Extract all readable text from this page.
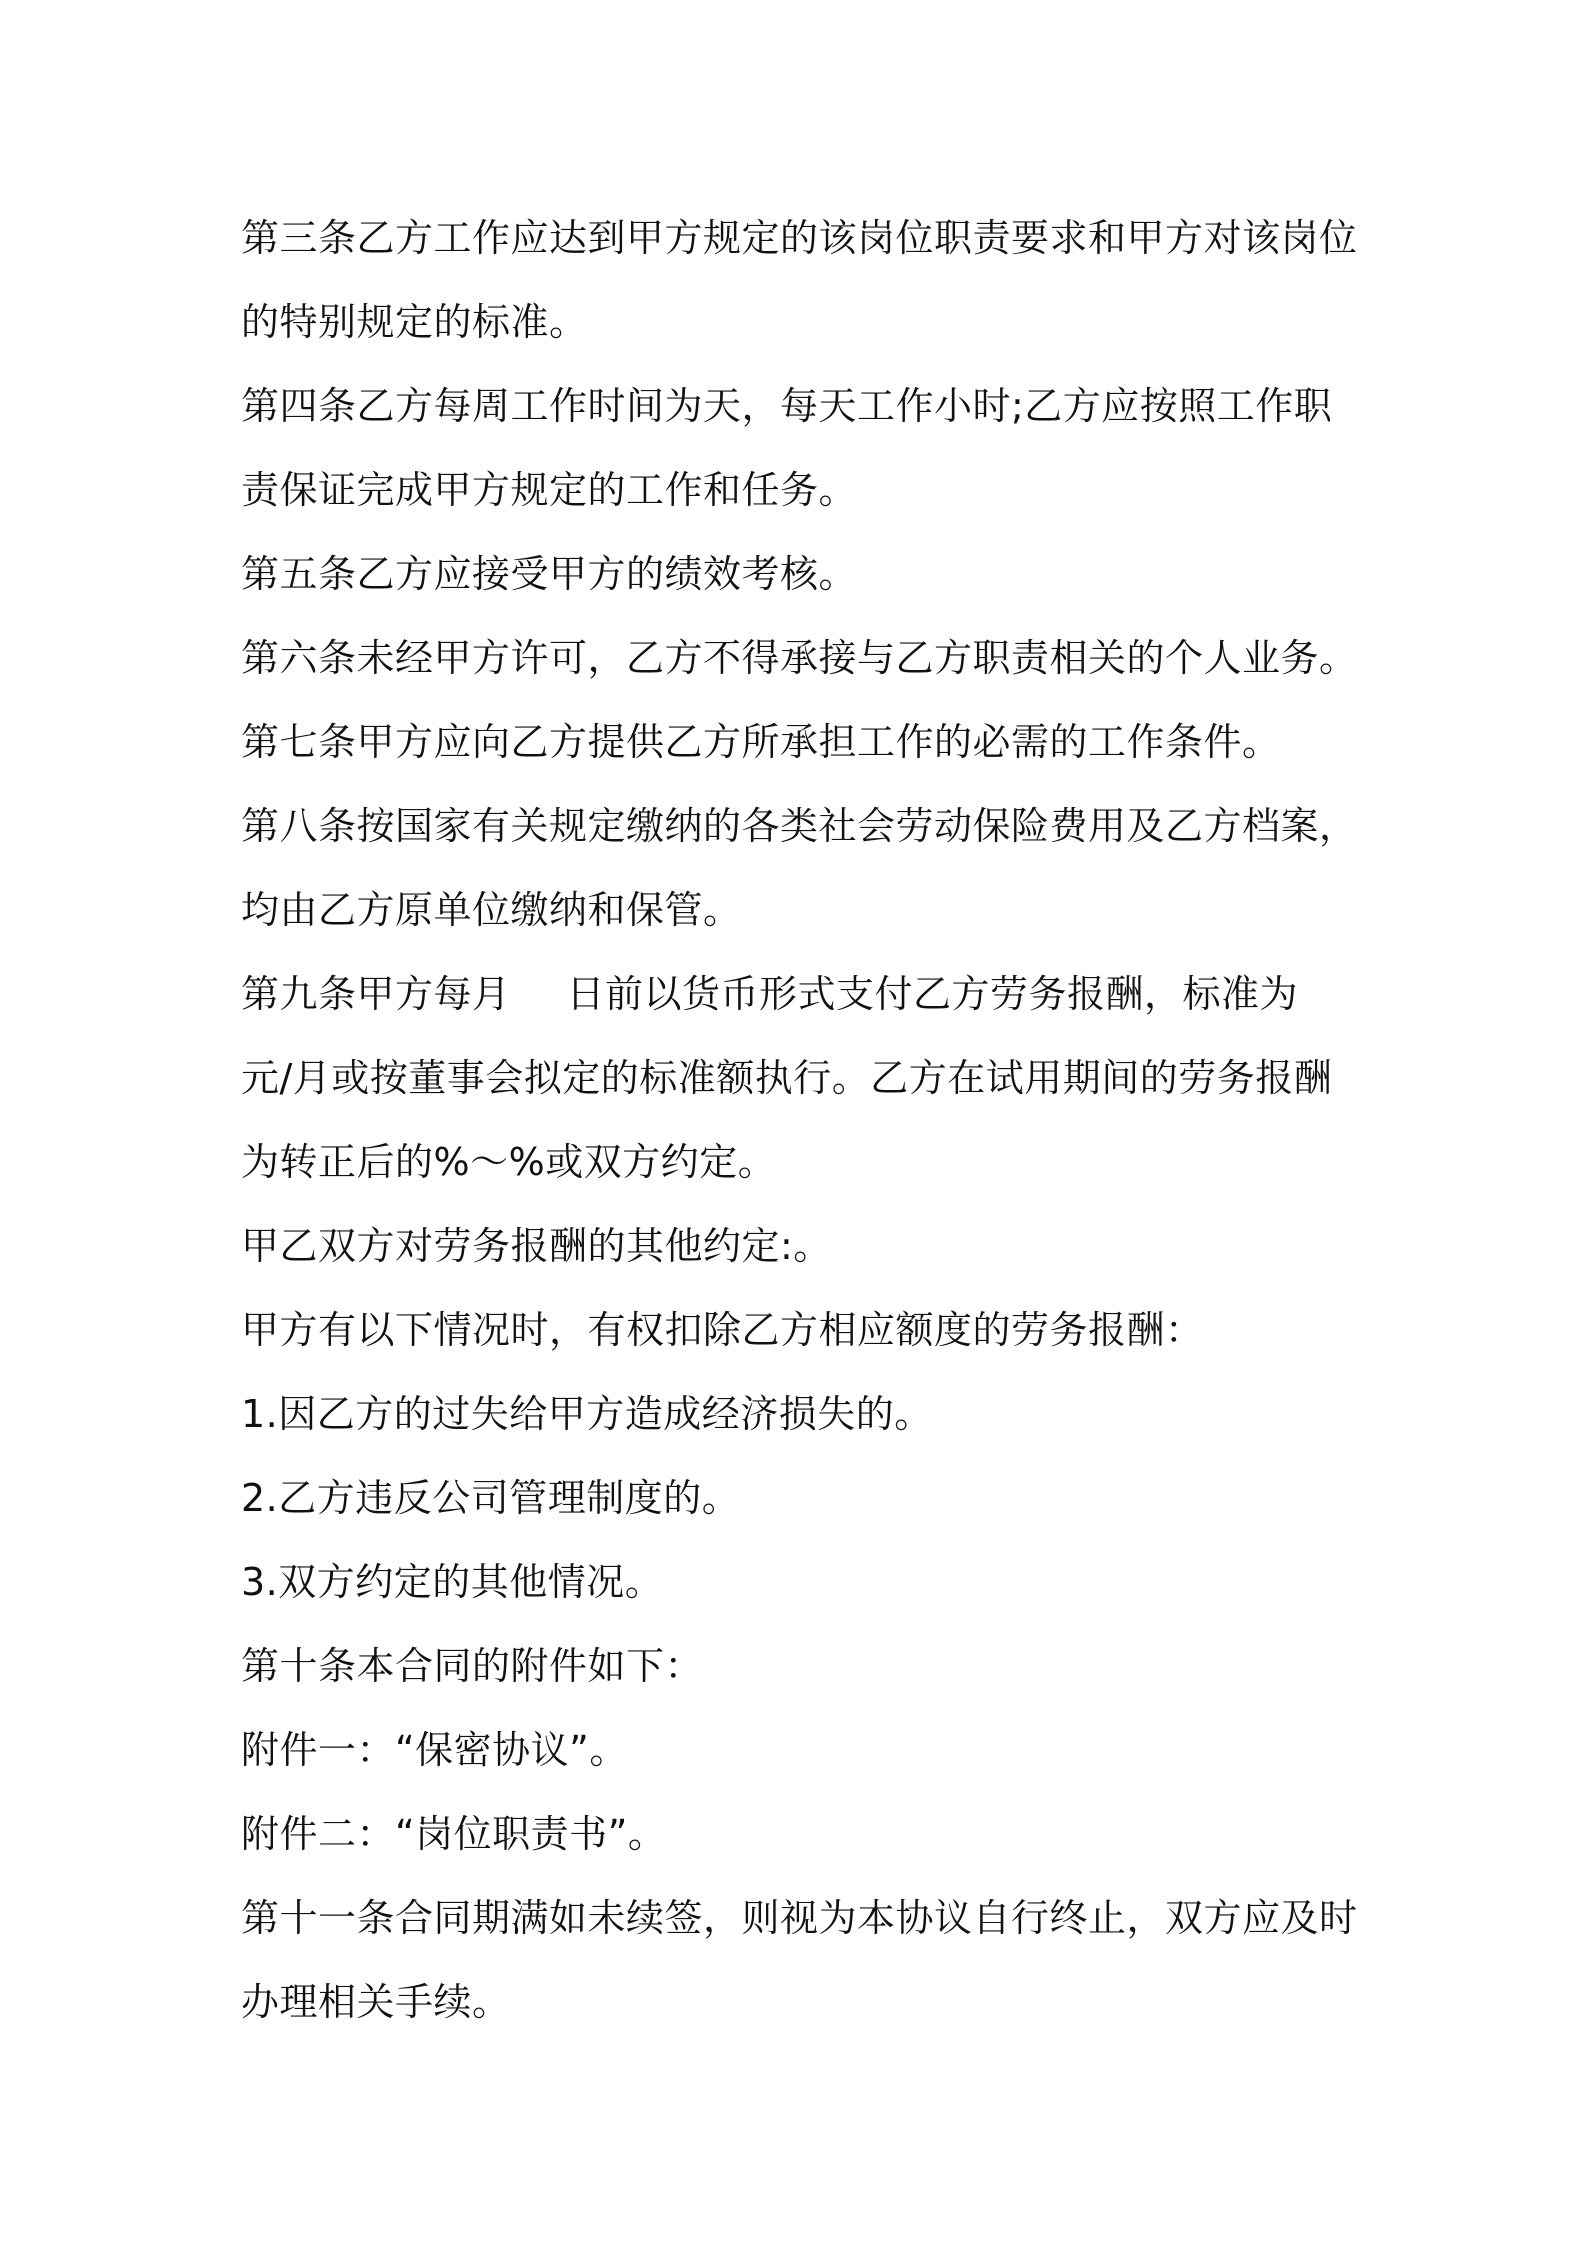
第三条乙方工作应达到甲方规定的该岗位职责要求和甲方对该岗位的特别规定的标准。

第四条乙方每周工作时间为天，每天工作小时;乙方应按照工作职责保证完成甲方规定的工作和任务。

第五条乙方应接受甲方的绩效考核。

第六条未经甲方许可，乙方不得承接与乙方职责相关的个人业务。

第七条甲方应向乙方提供乙方所承担工作的必需的工作条件。

第八条按国家有关规定缴纳的各类社会劳动保险费用及乙方档案，均由乙方原单位缴纳和保管。

第九条甲方每月 日前以货币形式支付乙方劳务报酬，标准为元/月或按董事会拟定的标准额执行。乙方在试用期间的劳务报酬为转正后的%～%或双方约定。

甲乙双方对劳务报酬的其他约定:。

甲方有以下情况时，有权扣除乙方相应额度的劳务报酬：

1.因乙方的过失给甲方造成经济损失的。

2.乙方违反公司管理制度的。

3.双方约定的其他情况。

第十条本合同的附件如下：

附件一：“保密协议”。

附件二：“岗位职责书”。

第十一条合同期满如未续签，则视为本协议自行终止，双方应及时办理相关手续。
